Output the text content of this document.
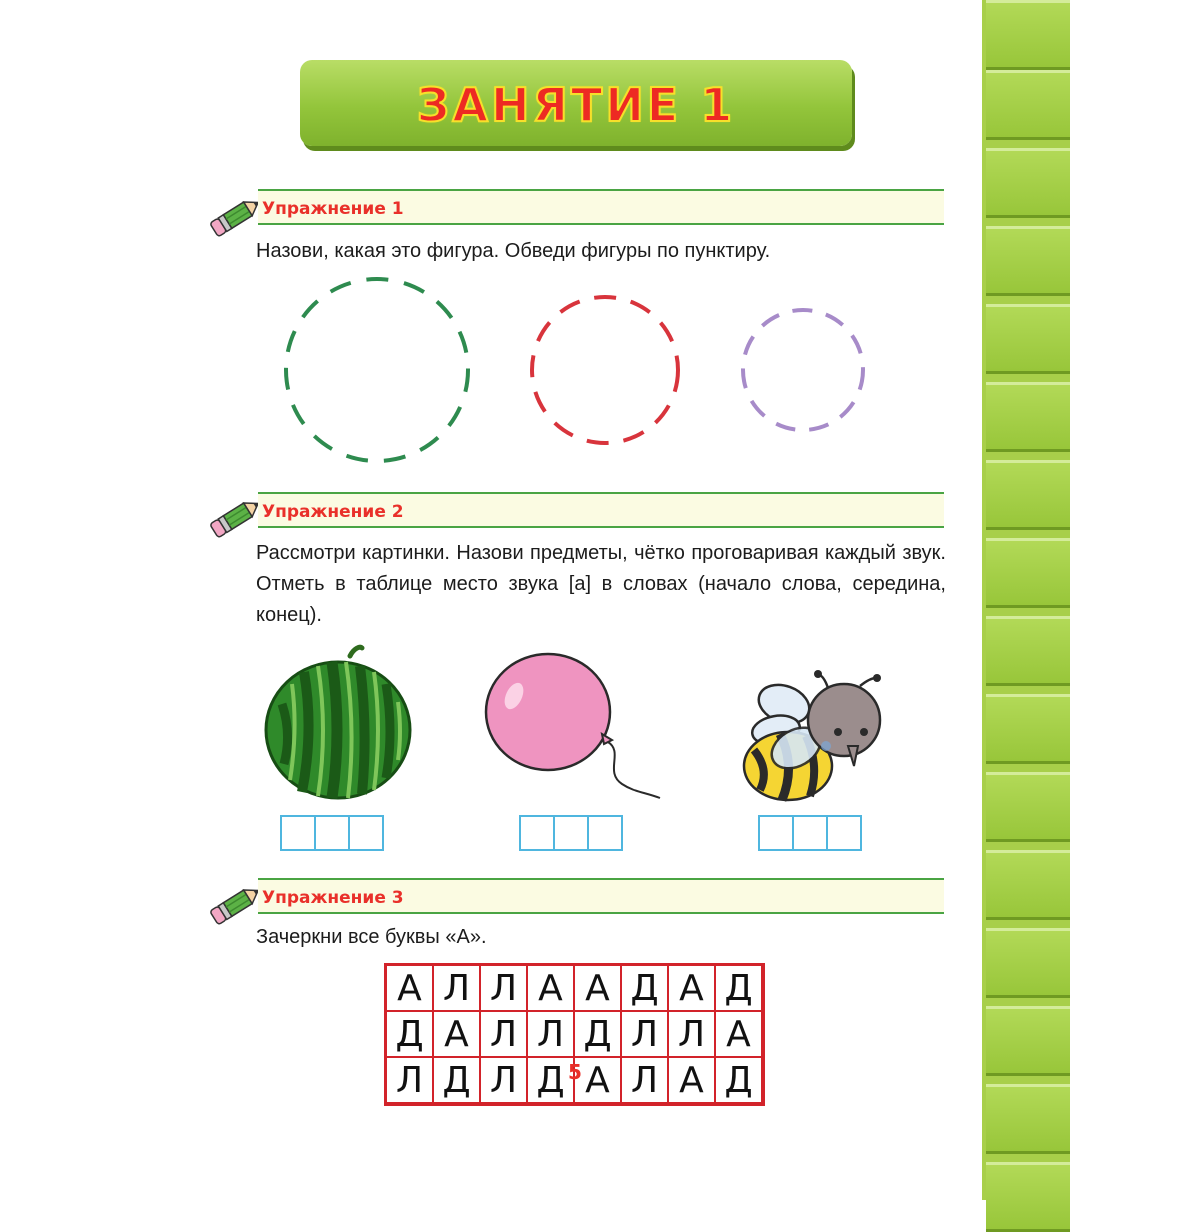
ЗАНЯТИЕ 1
Упражнение 1
Назови, какая это фигура. Обведи фигуры по пунктиру.
Упражнение 2
Рассмотри картинки. Назови предметы, чётко проговаривая каждый звук. Отметь в таблице место звука [а] в словах (начало слова, середина, конец).
Упражнение 3
Зачеркни все буквы «А».
А Л Л А А Д А Д
Д А Л Л Д Л Л А
Л Д Л Д А Л А Д
5
